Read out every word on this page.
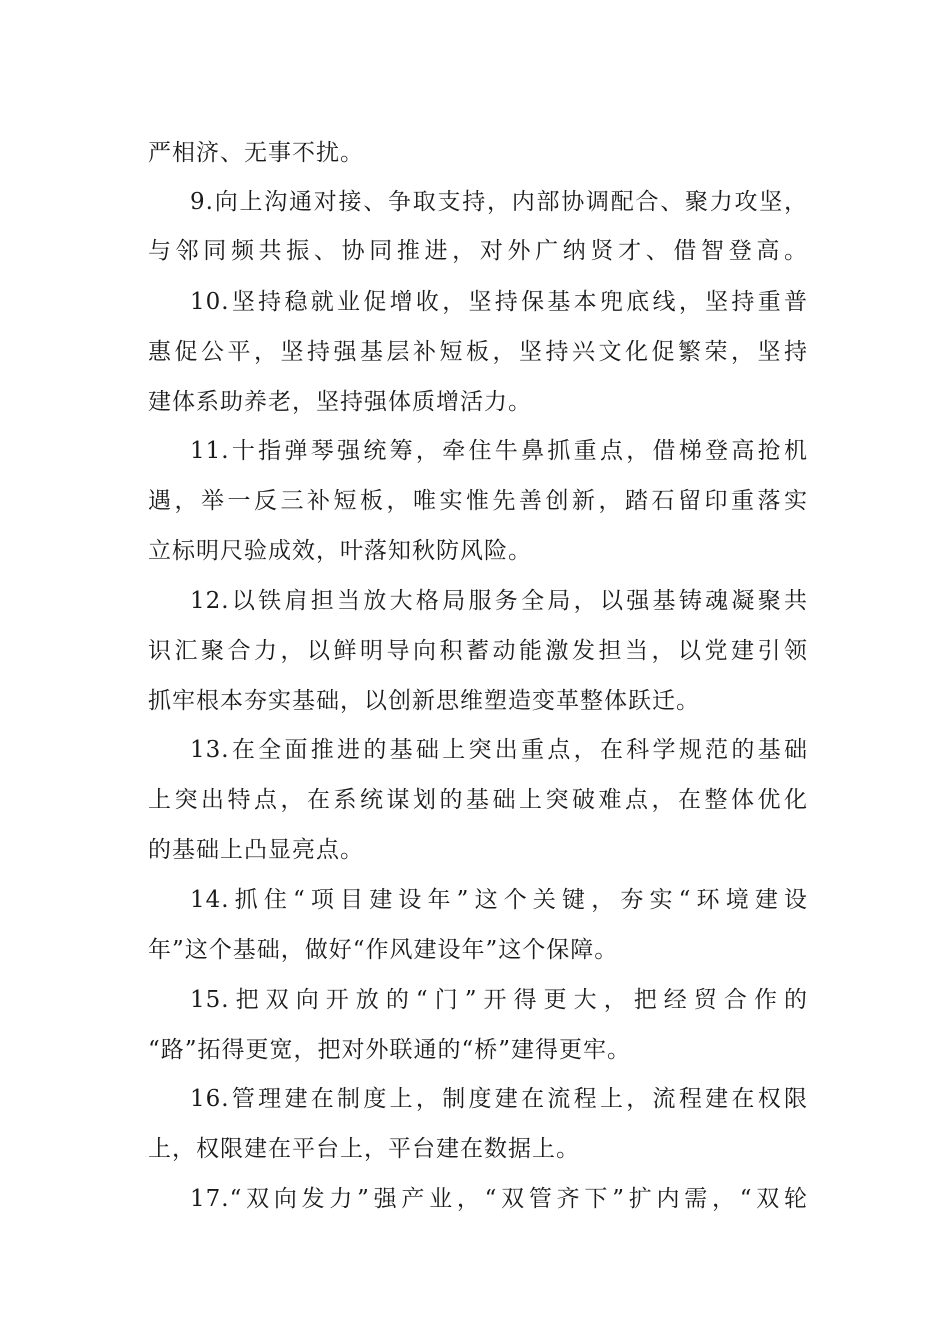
严相济、无事不扰。
9.向上沟通对接、争取支持，内部协调配合、聚力攻坚，
与邻同频共振、协同推进，对外广纳贤才、借智登高。
10.坚持稳就业促增收，坚持保基本兜底线，坚持重普
惠促公平，坚持强基层补短板，坚持兴文化促繁荣，坚持
建体系助养老，坚持强体质增活力。
11.十指弹琴强统筹，牵住牛鼻抓重点，借梯登高抢机
遇，举一反三补短板，唯实惟先善创新，踏石留印重落实
立标明尺验成效，叶落知秋防风险。
12.以铁肩担当放大格局服务全局，以强基铸魂凝聚共
识汇聚合力，以鲜明导向积蓄动能激发担当，以党建引领
抓牢根本夯实基础，以创新思维塑造变革整体跃迁。
13.在全面推进的基础上突出重点，在科学规范的基础
上突出特点，在系统谋划的基础上突破难点，在整体优化
的基础上凸显亮点。
14.抓住“项目建设年”这个关键，夯实“环境建设
年”这个基础，做好“作风建设年”这个保障。
15.把双向开放的“门”开得更大，把经贸合作的
“路”拓得更宽，把对外联通的“桥”建得更牢。
16.管理建在制度上，制度建在流程上，流程建在权限
上，权限建在平台上，平台建在数据上。
17.“双向发力”强产业，“双管齐下”扩内需，“双轮
